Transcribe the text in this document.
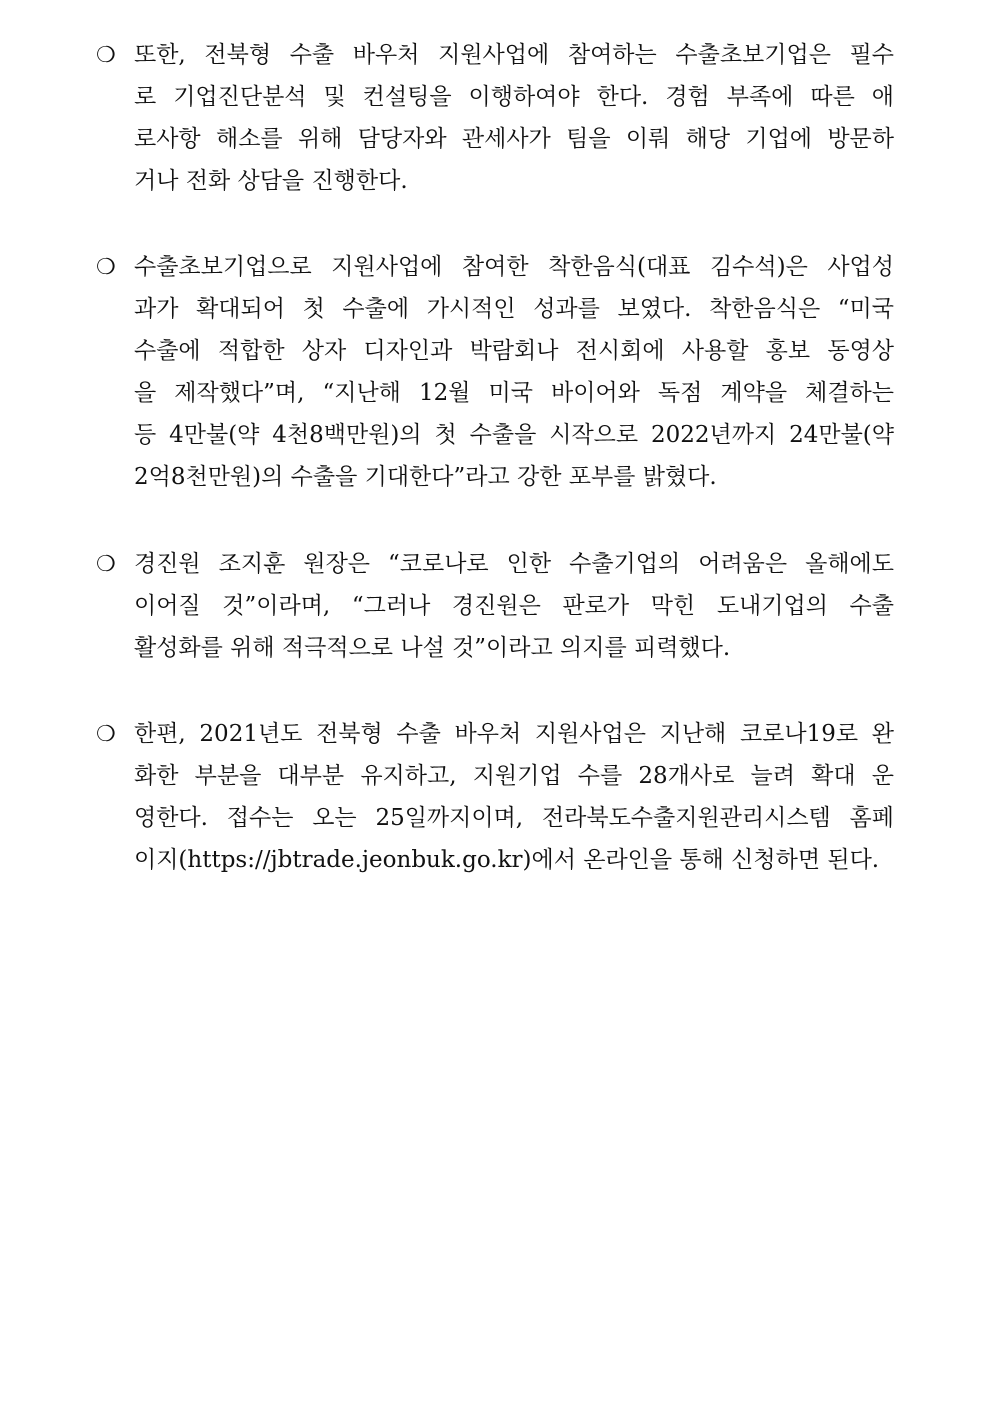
❍ 또한, 전북형 수출 바우처 지원사업에 참여하는 수출초보기업은 필수
로 기업진단분석 및 컨설팅을 이행하여야 한다. 경험 부족에 따른 애
로사항 해소를 위해 담당자와 관세사가 팀을 이뤄 해당 기업에 방문하
거나 전화 상담을 진행한다.
❍ 수출초보기업으로 지원사업에 참여한 착한음식(대표 김수석)은 사업성
과가 확대되어 첫 수출에 가시적인 성과를 보였다. 착한음식은 “미국
수출에 적합한 상자 디자인과 박람회나 전시회에 사용할 홍보 동영상
을 제작했다”며, “지난해 12월 미국 바이어와 독점 계약을 체결하는
등 4만불(약 4천8백만원)의 첫 수출을 시작으로 2022년까지 24만불(약
2억8천만원)의 수출을 기대한다”라고 강한 포부를 밝혔다.
❍ 경진원 조지훈 원장은 “코로나로 인한 수출기업의 어려움은 올해에도
이어질 것”이라며, “그러나 경진원은 판로가 막힌 도내기업의 수출
활성화를 위해 적극적으로 나설 것”이라고 의지를 피력했다.
❍ 한편, 2021년도 전북형 수출 바우처 지원사업은 지난해 코로나19로 완
화한 부분을 대부분 유지하고, 지원기업 수를 28개사로 늘려 확대 운
영한다. 접수는 오는 25일까지이며, 전라북도수출지원관리시스템 홈페
이지(https://jbtrade.jeonbuk.go.kr)에서 온라인을 통해 신청하면 된다.
